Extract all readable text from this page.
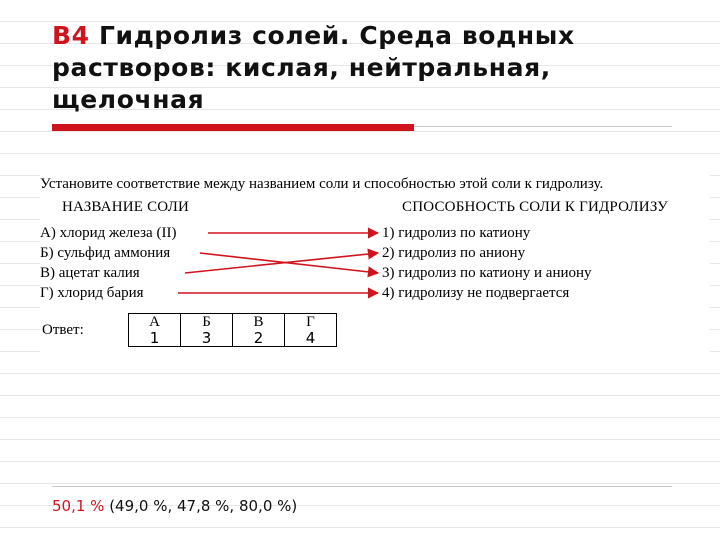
В4 Гидролиз солей. Среда водных растворов: кислая, нейтральная, щелочная
Установите соответствие между названием соли и способностью этой соли к гидролизу.
НАЗВАНИЕ СОЛИ	СПОСОБНОСТЬ СОЛИ К ГИДРОЛИЗУ
А) хлорид железа (II)
Б) сульфид аммония
В) ацетат калия
Г) хлорид бария
1) гидролиз по катиону
2) гидролиз по аниону
3) гидролиз по катиону и аниону
4) гидролизу не подвергается
Ответ:	А	Б	В	Г
1	3	2	4
50,1 % (49,0 %, 47,8 %, 80,0 %)
